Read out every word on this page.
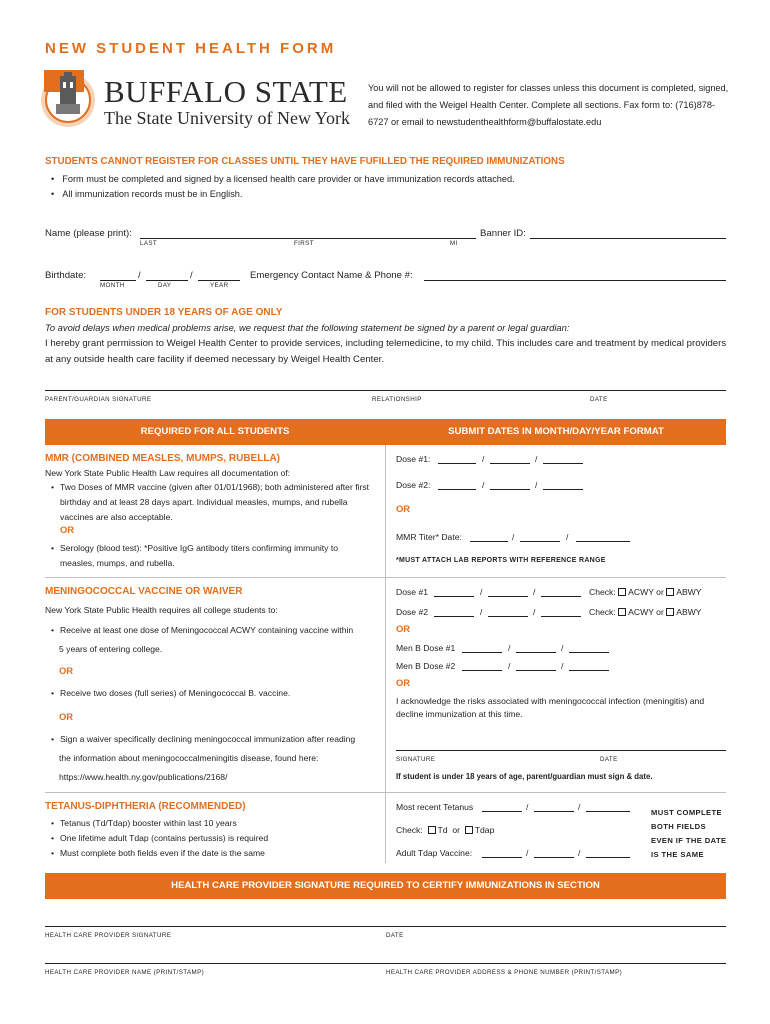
NEW STUDENT HEALTH FORM
BUFFALO STATE
The State University of New York
You will not be allowed to register for classes unless this document is completed, signed, and filed with the Weigel Health Center. Complete all sections. Fax form to: (716)878-6727 or email to newstudenthealthform@buffalostate.edu
STUDENTS CANNOT REGISTER FOR CLASSES UNTIL THEY HAVE FUFILLED THE REQUIRED IMMUNIZATIONS
• Form must be completed and signed by a licensed health care provider or have immunization records attached.
• All immunization records must be in English.
Name (please print):	Banner ID:
LAST	FIRST	MI
Birthdate:	/	/
MONTH	DAY	YEAR
Emergency Contact Name & Phone #:
FOR STUDENTS UNDER 18 YEARS OF AGE ONLY
To avoid delays when medical problems arise, we request that the following statement be signed by a parent or legal guardian:
I hereby grant permission to Weigel Health Center to provide services, including telemedicine, to my child. This includes care and treatment by medical providers at any outside health care facility if deemed necessary by Weigel Health Center.
PARENT/GUARDIAN SIGNATURE	RELATIONSHIP	DATE
REQUIRED FOR ALL STUDENTS	SUBMIT DATES IN MONTH/DAY/YEAR FORMAT
MMR (COMBINED MEASLES, MUMPS, RUBELLA)
New York State Public Health Law requires all documentation of:
• Two Doses of MMR vaccine (given after 01/01/1968); both administered after first birthday and at least 28 days apart. Individual measles, mumps, and rubella vaccines are also acceptable.
OR
• Serology (blood test): *Positive IgG antibody titers confirming immunity to measles, mumps, and rubella.
Dose #1:	/	/
Dose #2:	/	/
OR
MMR Titer* Date:	/	/
*MUST ATTACH LAB REPORTS WITH REFERENCE RANGE
MENINGOCOCCAL VACCINE OR WAIVER
New York State Public Health requires all college students to:
• Receive at least one dose of Meningococcal ACWY containing vaccine within
5 years of entering college.
OR
• Receive two doses (full series) of Meningococcal B. vaccine.
OR
• Sign a waiver specifically declining meningococcal immunization after reading
the information about meningococcalmeningitis disease, found here:
https://www.health.ny.gov/publications/2168/
Dose #1	/	/	Check: ACWY or ABWY
Dose #2	/	/	Check: ACWY or ABWY
OR
Men B Dose #1	/	/
Men B Dose #2	/	/
OR
I acknowledge the risks associated with meningococcal infection (meningitis) and decline immunization at this time.
SIGNATURE	DATE
If student is under 18 years of age, parent/guardian must sign & date.
TETANUS-DIPHTHERIA (RECOMMENDED)
• Tetanus (Td/Tdap) booster within last 10 years
• One lifetime adult Tdap (contains pertussis) is required
• Must complete both fields even if the date is the same
Most recent Tetanus	/	/
Check: Td or Tdap
Adult Tdap Vaccine:	/	/
MUST COMPLETE
BOTH FIELDS
EVEN IF THE DATE
IS THE SAME
HEALTH CARE PROVIDER SIGNATURE REQUIRED TO CERTIFY IMMUNIZATIONS IN SECTION
HEALTH CARE PROVIDER SIGNATURE	DATE
HEALTH CARE PROVIDER NAME (PRINT/STAMP)	HEALTH CARE PROVIDER ADDRESS & PHONE NUMBER (PRINT/STAMP)
